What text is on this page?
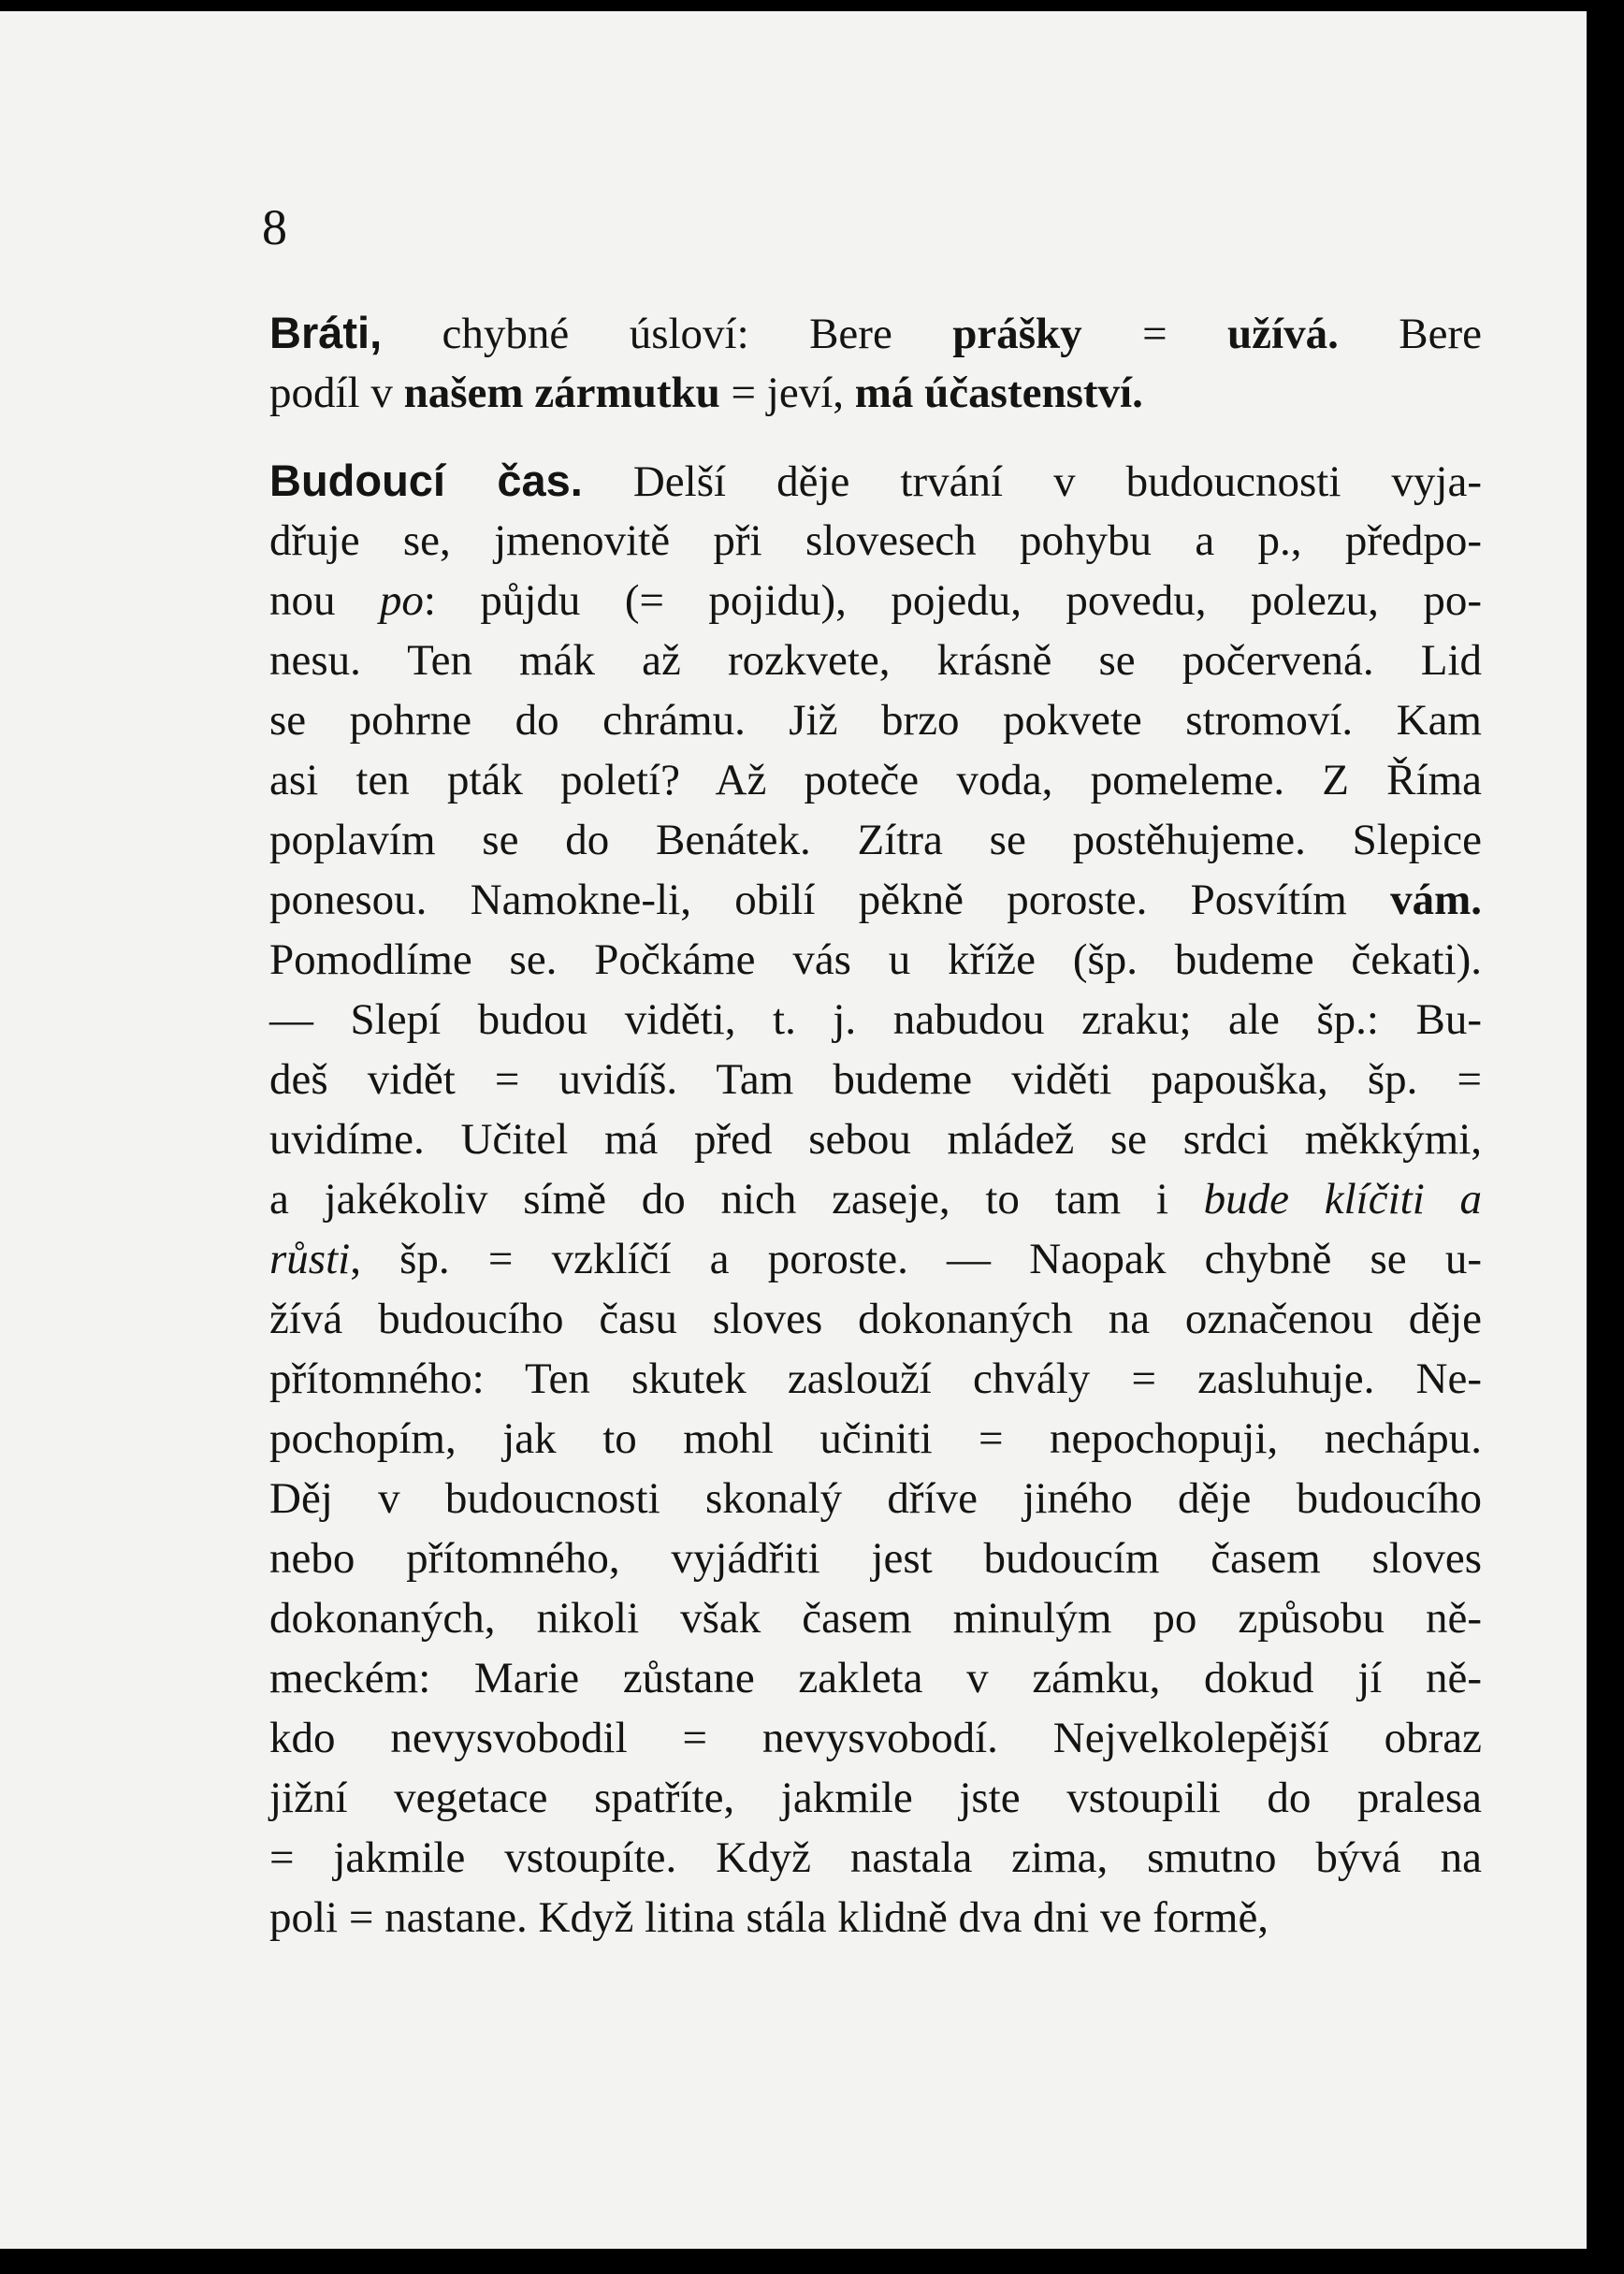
8
Bráti, chybné úsloví: Bere prášky = užívá. Bere
podíl v našem zármutku = jeví, má účastenství.
Budoucí čas. Delší děje trvání v budoucnosti vyja-
dřuje se, jmenovitě při slovesech pohybu a p., předpo-
nou po: půjdu (= pojidu), pojedu, povedu, polezu, po-
nesu. Ten mák až rozkvete, krásně se počervená. Lid
se pohrne do chrámu. Již brzo pokvete stromoví. Kam
asi ten pták poletí? Až poteče voda, pomeleme. Z Říma
poplavím se do Benátek. Zítra se postěhujeme. Slepice
ponesou. Namokne-li, obilí pěkně poroste. Posvítím vám.
Pomodlíme se. Počkáme vás u kříže (šp. budeme čekati).
— Slepí budou viděti, t. j. nabudou zraku; ale šp.: Bu-
deš vidět = uvidíš. Tam budeme viděti papouška, šp. =
uvidíme. Učitel má před sebou mládež se srdci měkkými,
a jakékoliv símě do nich zaseje, to tam i bude klíčiti a
růsti, šp. = vzklíčí a poroste. — Naopak chybně se u-
žívá budoucího času sloves dokonaných na označenou děje
přítomného: Ten skutek zaslouží chvály = zasluhuje. Ne-
pochopím, jak to mohl učiniti = nepochopuji, nechápu.
Děj v budoucnosti skonalý dříve jiného děje budoucího
nebo přítomného, vyjádřiti jest budoucím časem sloves
dokonaných, nikoli však časem minulým po způsobu ně-
meckém: Marie zůstane zakleta v zámku, dokud jí ně-
kdo nevysvobodil = nevysvobodí. Nejvelkolepější obraz
jižní vegetace spatříte, jakmile jste vstoupili do pralesa
= jakmile vstoupíte. Když nastala zima, smutno bývá na
poli = nastane. Když litina stála klidně dva dni ve formě,
